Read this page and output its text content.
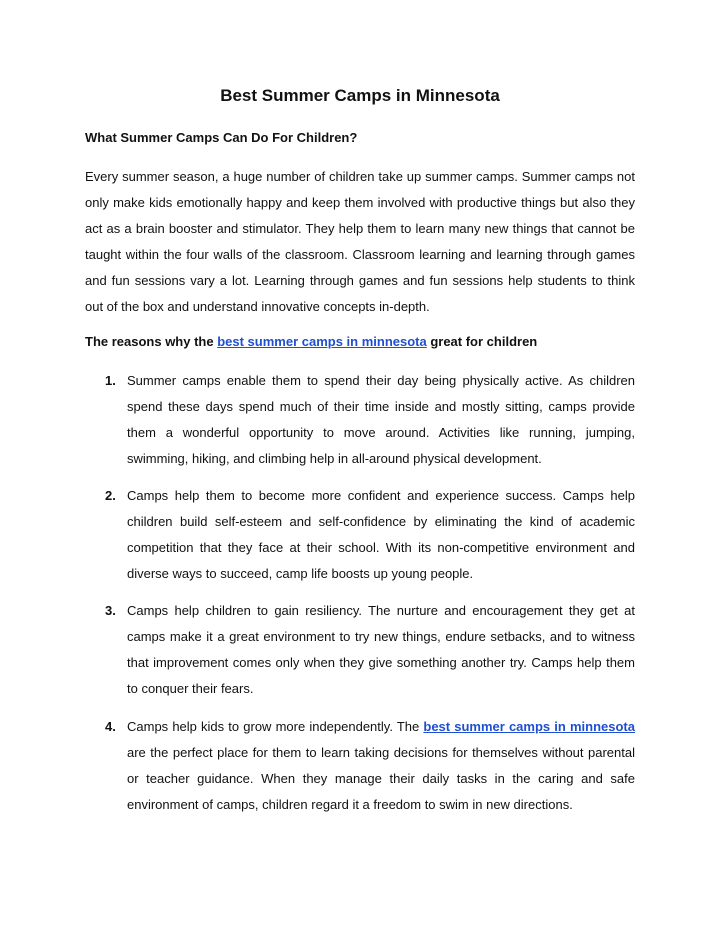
Best Summer Camps in Minnesota
What Summer Camps Can Do For Children?
Every summer season, a huge number of children take up summer camps. Summer camps not only make kids emotionally happy and keep them involved with productive things but also they act as a brain booster and stimulator. They help them to learn many new things that cannot be taught within the four walls of the classroom. Classroom learning and learning through games and fun sessions vary a lot. Learning through games and fun sessions help students to think out of the box and understand innovative concepts in-depth.
The reasons why the best summer camps in minnesota great for children
1. Summer camps enable them to spend their day being physically active. As children spend these days spend much of their time inside and mostly sitting, camps provide them a wonderful opportunity to move around. Activities like running, jumping, swimming, hiking, and climbing help in all-around physical development.
2. Camps help them to become more confident and experience success. Camps help children build self-esteem and self-confidence by eliminating the kind of academic competition that they face at their school. With its non-competitive environment and diverse ways to succeed, camp life boosts up young people.
3. Camps help children to gain resiliency. The nurture and encouragement they get at camps make it a great environment to try new things, endure setbacks, and to witness that improvement comes only when they give something another try. Camps help them to conquer their fears.
4. Camps help kids to grow more independently. The best summer camps in minnesota are the perfect place for them to learn taking decisions for themselves without parental or teacher guidance. When they manage their daily tasks in the caring and safe environment of camps, children regard it a freedom to swim in new directions.
